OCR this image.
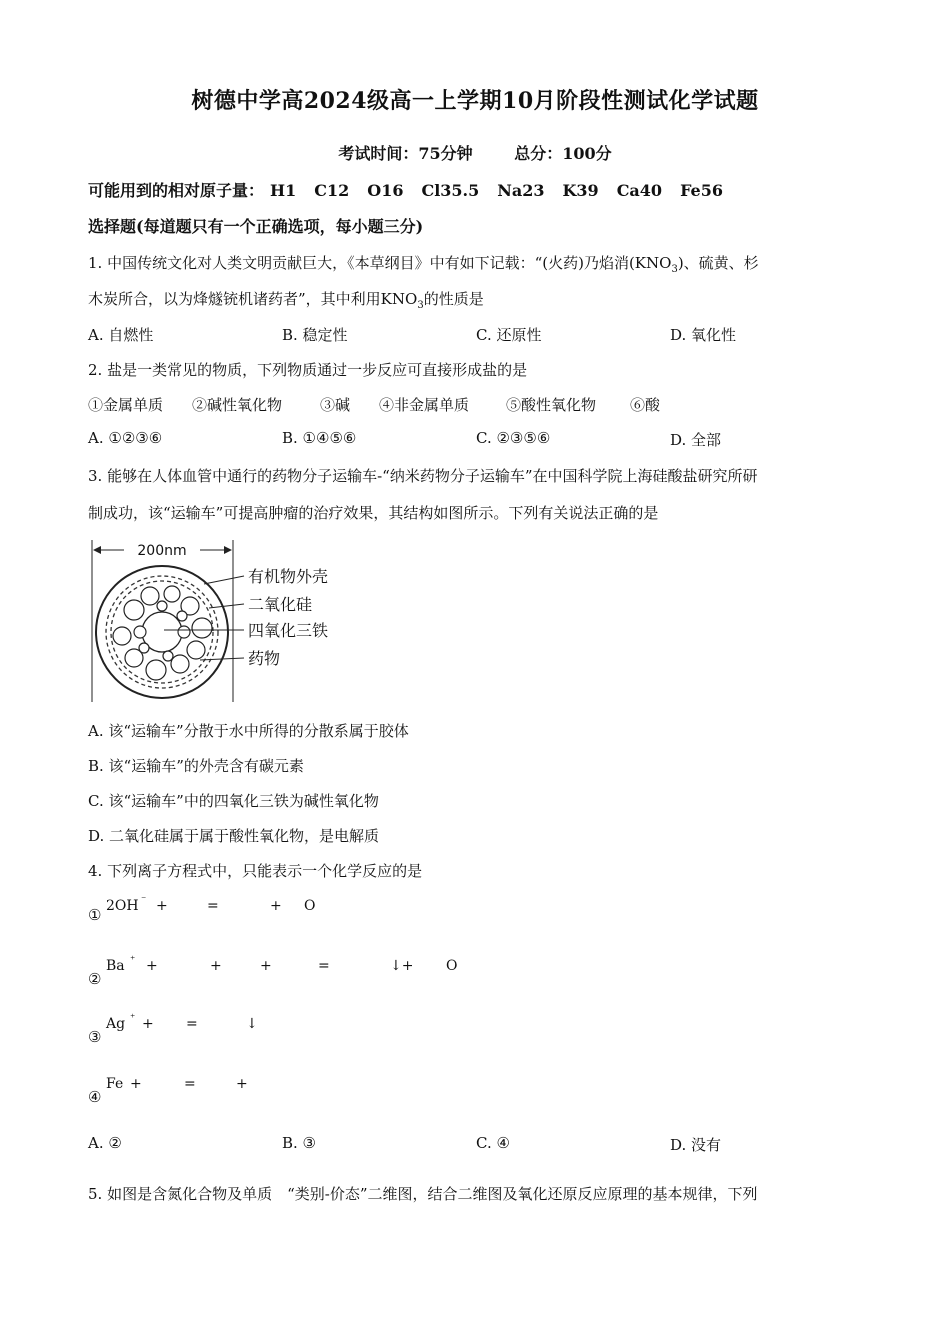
树德中学高2024级高一上学期10月阶段性测试化学试题
考试时间：75分钟	总分：100分
可能用到的相对原子量： H1 C12 O16 Cl35.5 Na23 K39 Ca40 Fe56
选择题(每道题只有一个正确选项，每小题三分)
1. 中国传统文化对人类文明贡献巨大，《本草纲目》中有如下记载：“(火药)乃焰消$(KNO_3)$、硫黄、杉
木炭所合，以为烽燧铳机诸药者”，其中利用$KNO_3$的性质是
A. 自燃性	B. 稳定性	C. 还原性	D. 氧化性
2. 盐是一类常见的物质，下列物质通过一步反应可直接形成盐的是
①金属单质 ②碱性氧化物	③碱 ④非金属单质 ⑤酸性氧化物 ⑥酸
A. ①②③⑥	B. ①④⑤⑥	C. ②③⑤⑥	D. 全部
3. 能够在人体血管中通行的药物分子运输车-“纳米药物分子运输车”在中国科学院上海硅酸盐研究所研
制成功，该“运输车”可提高肿瘤的治疗效果，其结构如图所示。下列有关说法正确的是
200nm
有机物外壳
二氧化硅
四氧化三铁
药物
A. 该“运输车”分散于水中所得的分散系属于胶体
B. 该“运输车”的外壳含有碳元素
C. 该“运输车”中的四氧化三铁为碱性氧化物
D. 二氧化硅属于属于酸性氧化物，是电解质
4. 下列离子方程式中，只能表示一个化学反应的是
① 2OH ⁻ +	=	+ O
②
Ba ⁺ +	+	+	=	↓+ O
③
Ag ⁺ + =	↓
④
Fe +	=	+
A. ②	B. ③	C. ④	D. 没有
5. 如图是含氮化合物及单质　“类别-价态”二维图，结合二维图及氧化还原反应原理的基本规律，下列
